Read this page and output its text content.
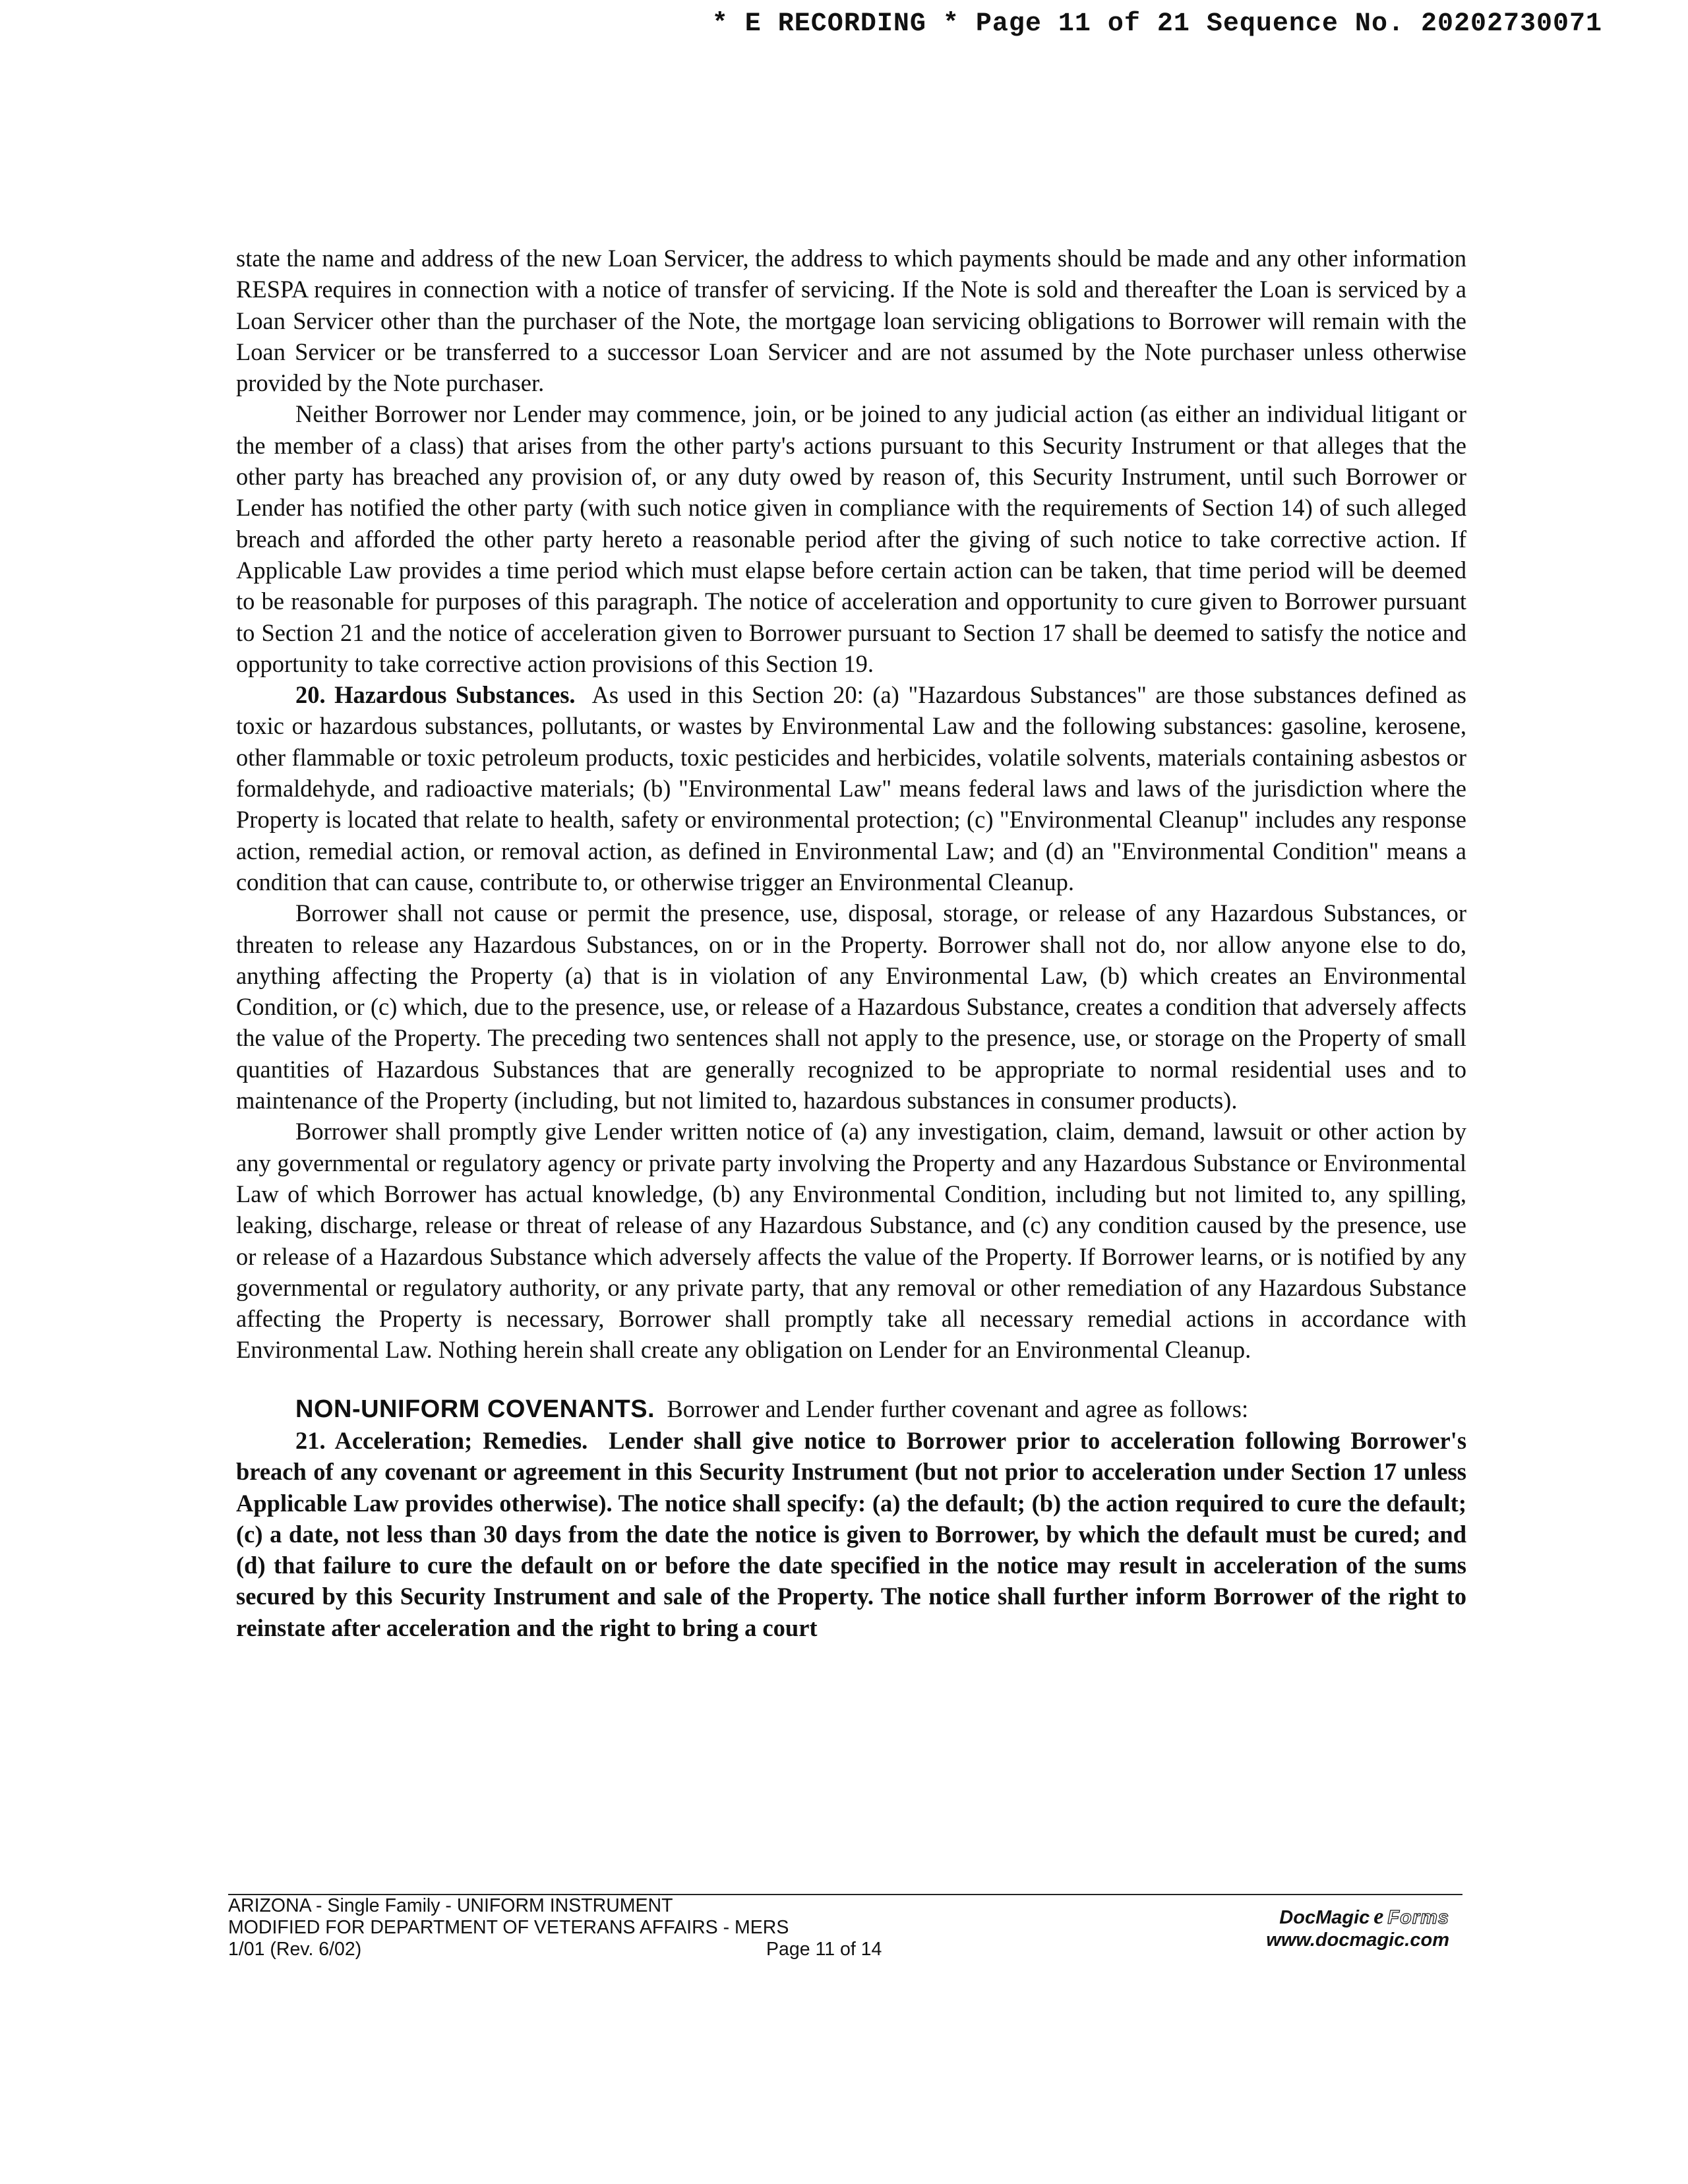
* E RECORDING * Page 11 of 21 Sequence No. 20202730071

state the name and address of the new Loan Servicer, the address to which payments should be made and any other information RESPA requires in connection with a notice of transfer of servicing. If the Note is sold and thereafter the Loan is serviced by a Loan Servicer other than the purchaser of the Note, the mortgage loan servicing obligations to Borrower will remain with the Loan Servicer or be transferred to a successor Loan Servicer and are not assumed by the Note purchaser unless otherwise provided by the Note purchaser.

Neither Borrower nor Lender may commence, join, or be joined to any judicial action (as either an individual litigant or the member of a class) that arises from the other party's actions pursuant to this Security Instrument or that alleges that the other party has breached any provision of, or any duty owed by reason of, this Security Instrument, until such Borrower or Lender has notified the other party (with such notice given in compliance with the requirements of Section 14) of such alleged breach and afforded the other party hereto a reasonable period after the giving of such notice to take corrective action. If Applicable Law provides a time period which must elapse before certain action can be taken, that time period will be deemed to be reasonable for purposes of this paragraph. The notice of acceleration and opportunity to cure given to Borrower pursuant to Section 21 and the notice of acceleration given to Borrower pursuant to Section 17 shall be deemed to satisfy the notice and opportunity to take corrective action provisions of this Section 19.

20. Hazardous Substances. As used in this Section 20: (a) "Hazardous Substances" are those substances defined as toxic or hazardous substances, pollutants, or wastes by Environmental Law and the following substances: gasoline, kerosene, other flammable or toxic petroleum products, toxic pesticides and herbicides, volatile solvents, materials containing asbestos or formaldehyde, and radioactive materials; (b) "Environmental Law" means federal laws and laws of the jurisdiction where the Property is located that relate to health, safety or environmental protection; (c) "Environmental Cleanup" includes any response action, remedial action, or removal action, as defined in Environmental Law; and (d) an "Environmental Condition" means a condition that can cause, contribute to, or otherwise trigger an Environmental Cleanup.

Borrower shall not cause or permit the presence, use, disposal, storage, or release of any Hazardous Substances, or threaten to release any Hazardous Substances, on or in the Property. Borrower shall not do, nor allow anyone else to do, anything affecting the Property (a) that is in violation of any Environmental Law, (b) which creates an Environmental Condition, or (c) which, due to the presence, use, or release of a Hazardous Substance, creates a condition that adversely affects the value of the Property. The preceding two sentences shall not apply to the presence, use, or storage on the Property of small quantities of Hazardous Substances that are generally recognized to be appropriate to normal residential uses and to maintenance of the Property (including, but not limited to, hazardous substances in consumer products).

Borrower shall promptly give Lender written notice of (a) any investigation, claim, demand, lawsuit or other action by any governmental or regulatory agency or private party involving the Property and any Hazardous Substance or Environmental Law of which Borrower has actual knowledge, (b) any Environmental Condition, including but not limited to, any spilling, leaking, discharge, release or threat of release of any Hazardous Substance, and (c) any condition caused by the presence, use or release of a Hazardous Substance which adversely affects the value of the Property. If Borrower learns, or is notified by any governmental or regulatory authority, or any private party, that any removal or other remediation of any Hazardous Substance affecting the Property is necessary, Borrower shall promptly take all necessary remedial actions in accordance with Environmental Law. Nothing herein shall create any obligation on Lender for an Environmental Cleanup.

NON-UNIFORM COVENANTS. Borrower and Lender further covenant and agree as follows:

21. Acceleration; Remedies. Lender shall give notice to Borrower prior to acceleration following Borrower's breach of any covenant or agreement in this Security Instrument (but not prior to acceleration under Section 17 unless Applicable Law provides otherwise). The notice shall specify: (a) the default; (b) the action required to cure the default; (c) a date, not less than 30 days from the date the notice is given to Borrower, by which the default must be cured; and (d) that failure to cure the default on or before the date specified in the notice may result in acceleration of the sums secured by this Security Instrument and sale of the Property. The notice shall further inform Borrower of the right to reinstate after acceleration and the right to bring a court

ARIZONA - Single Family - UNIFORM INSTRUMENT
MODIFIED FOR DEPARTMENT OF VETERANS AFFAIRS - MERS
1/01 (Rev. 6/02)	Page 11 of 14
DocMagic e Forms
www.docmagic.com
